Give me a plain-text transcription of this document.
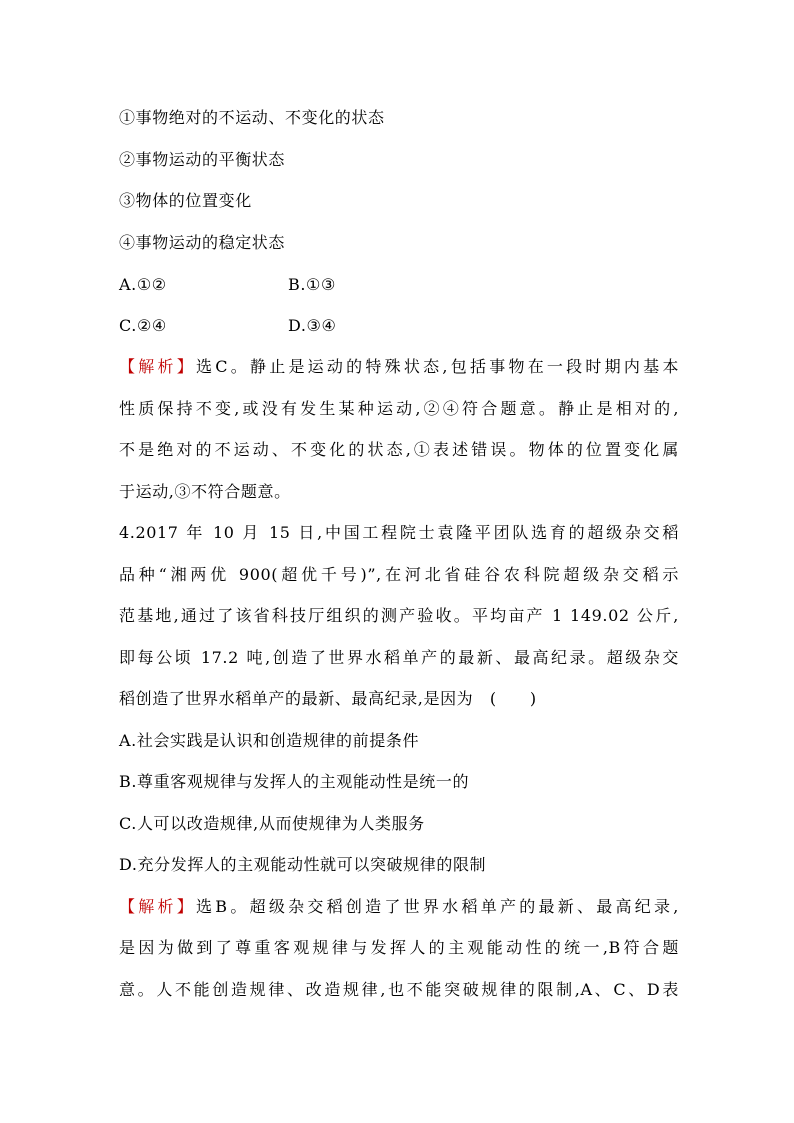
①事物绝对的不运动、不变化的状态
②事物运动的平衡状态
③物体的位置变化
④事物运动的稳定状态
A.①②	B.①③
C.②④	D.③④
【解析】选C。静止是运动的特殊状态,包括事物在一段时期内基本
性质保持不变,或没有发生某种运动,②④符合题意。静止是相对的,
不是绝对的不运动、不变化的状态,①表述错误。物体的位置变化属
于运动,③不符合题意。
4.2017 年 10 月 15 日,中国工程院士袁隆平团队选育的超级杂交稻
品种“湘两优 900(超优千号)”,在河北省硅谷农科院超级杂交稻示
范基地,通过了该省科技厅组织的测产验收。平均亩产 1 149.02 公斤,
即每公顷 17.2 吨,创造了世界水稻单产的最新、最高纪录。超级杂交
稻创造了世界水稻单产的最新、最高纪录,是因为　(　　)
A.社会实践是认识和创造规律的前提条件
B.尊重客观规律与发挥人的主观能动性是统一的
C.人可以改造规律,从而使规律为人类服务
D.充分发挥人的主观能动性就可以突破规律的限制
【解析】选B。超级杂交稻创造了世界水稻单产的最新、最高纪录,
是因为做到了尊重客观规律与发挥人的主观能动性的统一,B符合题
意。人不能创造规律、改造规律,也不能突破规律的限制,A、C、D表
